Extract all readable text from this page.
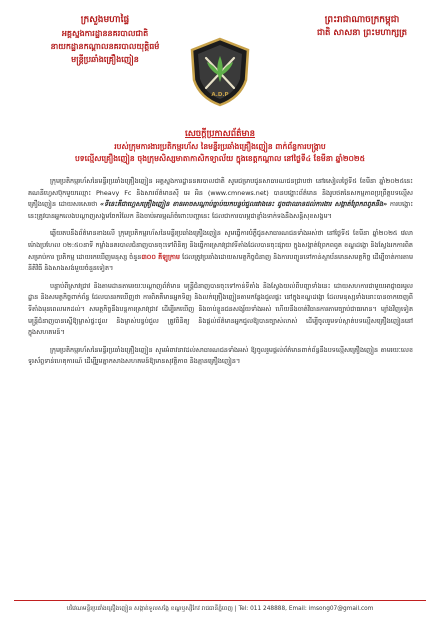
ក្រសួងមហាផ្ទៃ
អគ្គស្នងការដ្ឋាននគរបាលជាតិ
នាយកដ្ឋានកណ្តាលនគរបាលយុត្តិធម៌
មន្ត្រីប្រឆាំងគ្រឿងញៀន
ព្រះរាជាណាចក្រកម្ពុជា
ជាតិ សាសនា ព្រះមហាក្សត្រ
A.D.P
សេចក្តីប្រកាសព័ត៌មាន
របស់ក្រុមការងារប្រតិកម្មរហ័ស នៃមន្ទីរប្រឆាំងគ្រឿងញៀន ពាក់ព័ន្ធការបង្ក្រាប
បទល្មើសគ្រឿងញៀន ចុងក្រុមសិស្សមាតាកាសិកទ្យាល័យ ក្នុងខេត្តកណ្តាល នៅថ្ងៃទី៤ ខែមីនា ឆ្នាំ២០២៥

ក្រុមប្រតិកម្មរហ័សនៃមន្ទីរប្រឆាំងគ្រឿងញៀន អគ្គស្នងការដ្ឋាននគរបាលជាតិ សូមជម្រាបជូនសាធារណជនជ្រាបថា នៅរសៀលថ្ងៃទី៥ ខែមីនា ឆ្នាំ២០២៥នេះ គណនីហ្វេសប៊ុកមួយឈ្មោះ Pheavy Fc និងសារព័ត៌មានស៊ី អេ អិន (www.cmnews.net) បានបង្ហោះព័ត៌មាន និងរូបថតនៃសកម្មភាពប្រព្រឹត្តបទល្មើសគ្រឿងញៀន ដោយសរសេរថា «ទីនេះគឺជាហ្គេសគ្រឿងញៀន ខានអាចសណ្តាប់ធ្នាប់យកបន្ទប់ជួលរវាងនេះ ដូចជាឈានដល់ការងារ សង្កាត់ព្រែកពពូតនីង» ការបង្ហោះនេះត្រូវបានអ្នកលេងបណ្តាញសង្គមចែករំលែក និងចាប់អារម្មណ៍ចំពោះបញ្ហានេះ ដែលជាការបារម្ភជាខ្លាំងទាក់ទងនឹងសន្តិសុខសង្គម។

ឆ្លើយតបនឹងព័ត៌មានខាងលើ ក្រុមប្រតិកម្មរហ័សនៃមន្ទីរប្រឆាំងគ្រឿងញៀន សូមធ្វើការបំភ្លឺជូនសាធារណជនទាំងអស់ថា នៅថ្ងៃទី៥ ខែមីនា ឆ្នាំ២០២៥ វេលាម៉ោងប្រហែល ០២:៥០នាទី កម្លាំងនគរបាលជំនាញបានចុះទៅពិនិត្យ និងធ្វើការស្រាវជ្រាវទីតាំងដែលបានចុះផ្សាយ ក្នុងសង្កាត់ព្រែកពពូត ខណ្ឌដង្កោ និងស្វែងរកការពិតសម្រាប់ការ ប្រតិកម្ម ដោយរកឃើញមនុស្ស ចំនួន៣០០ គីឡូក្រាម ដែលត្រូវប្រឆាំងដោយសមត្ថកិច្ចជំនាញ និងការបញ្ជូនទៅកាន់ស្ថាប័នមានសមត្ថកិច្ច ដើម្បីចាត់ការតាមនីតិវិធី និងសាងសង់មួយចំនួនទៀត។

បន្ទាប់ពីស្រាវជ្រាវ និងតាមដានតាមរយៈបណ្តាញព័ត៌មាន មន្ត្រីជំនាញបានចុះទៅកាន់ទីតាំង និងស្វែងយល់ពីបញ្ហាទាំងនេះ ដោយសហការជាមួយអាជ្ញាធរមូលដ្ឋាន និងសមត្ថកិច្ចពាក់ព័ន្ធ ដែលបានរកឃើញថា ការពិតគឺមានអ្នកទិញ និងលក់គ្រឿងញៀនតាមកន្លែងជួលផ្ទះ នៅក្នុងខណ្ឌដង្កោ ដែលមនុស្សទាំងនោះបានចាកចេញពីទីតាំងមុនពេលមកដល់។ សមត្ថកិច្ចនឹងបន្តការស្រាវជ្រាវ ដើម្បីរកឃើញ និងចាប់ខ្លួនជនសង្ស័យទាំងអស់ ហើយនឹងចាត់វិធានការតាមច្បាប់ជាធរមាន។ ម្យ៉ាងវិញទៀត មន្ត្រីជំនាញបានស្នើឱ្យម្ចាស់ផ្ទះជួល និងម្ចាស់បន្ទប់ជួល ត្រូវពិនិត្យ និងផ្តល់ព័ត៌មានអ្នកជួលឱ្យបានច្បាស់លាស់ ដើម្បីចូលរួមទប់ស្កាត់បទល្មើសគ្រឿងញៀននៅក្នុងសហគមន៍។

ក្រុមប្រតិកម្មរហ័សនៃមន្ទីរប្រឆាំងគ្រឿងញៀន សូមអំពាវនាវដល់សាធារណជនទាំងអស់ ឱ្យចូលរួមផ្តល់ព័ត៌មានពាក់ព័ន្ធនឹងបទល្មើសគ្រឿងញៀន តាមរយៈលេខទូរស័ព្ទទាន់ហេតុការណ៍ ដើម្បីរួមគ្នាកសាងសហគមន៍ឱ្យមានសុវត្ថិភាព និងគ្មានគ្រឿងញៀន។

បរិវេណមន្ទីរប្រឆាំងគ្រឿងញៀន សង្កាត់ទួលសង្កែ ខណ្ឌឫស្សីកែវ រាជធានីភ្នំពេញ | Tel: 011 248888, Email: imsong07@gmail.com
